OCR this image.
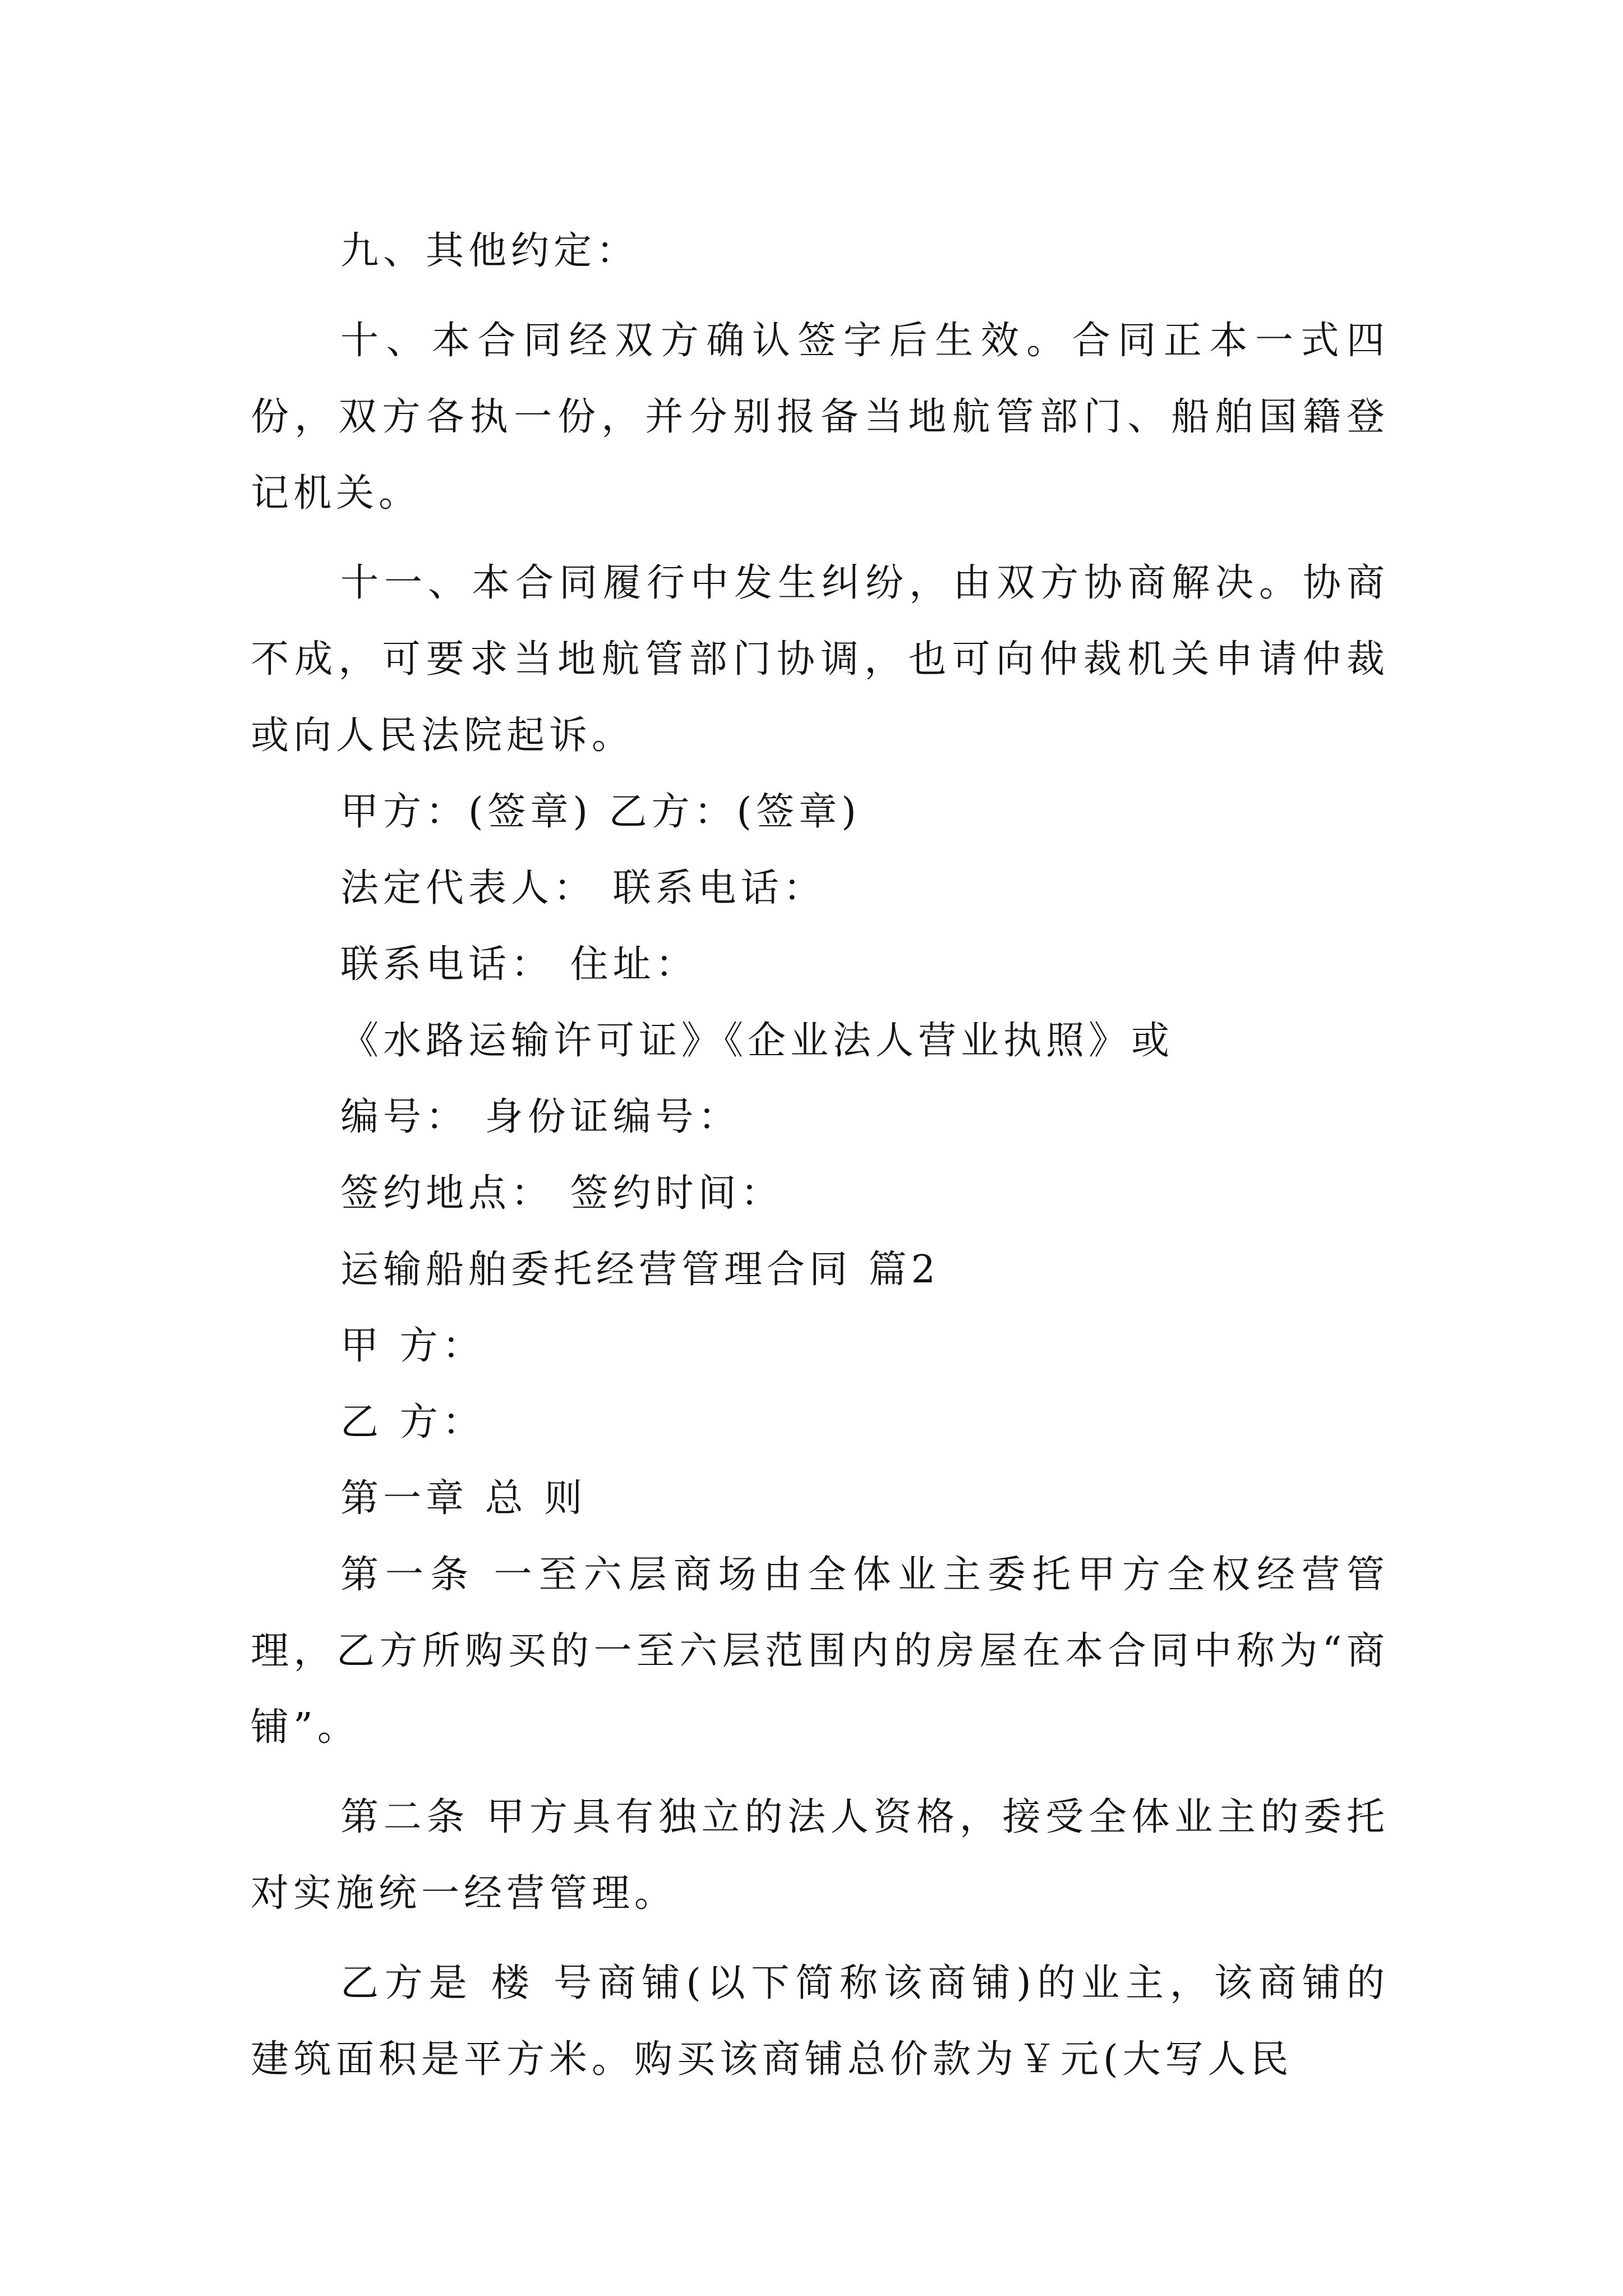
九、其他约定：

十、本合同经双方确认签字后生效。合同正本一式四份，双方各执一份，并分别报备当地航管部门、船舶国籍登记机关。

十一、本合同履行中发生纠纷，由双方协商解决。协商不成，可要求当地航管部门协调，也可向仲裁机关申请仲裁或向人民法院起诉。

甲方：(签章) 乙方：(签章)

法定代表人： 联系电话：

联系电话： 住址：

《水路运输许可证》《企业法人营业执照》或

编号： 身份证编号：

签约地点： 签约时间：

运输船舶委托经营管理合同 篇2

甲 方：

乙 方：

第一章 总 则

第一条 一至六层商场由全体业主委托甲方全权经营管理，乙方所购买的一至六层范围内的房屋在本合同中称为“商铺”。

第二条 甲方具有独立的法人资格，接受全体业主的委托对实施统一经营管理。

乙方是 楼 号商铺(以下简称该商铺)的业主，该商铺的建筑面积是平方米。购买该商铺总价款为￥元(大写人民
